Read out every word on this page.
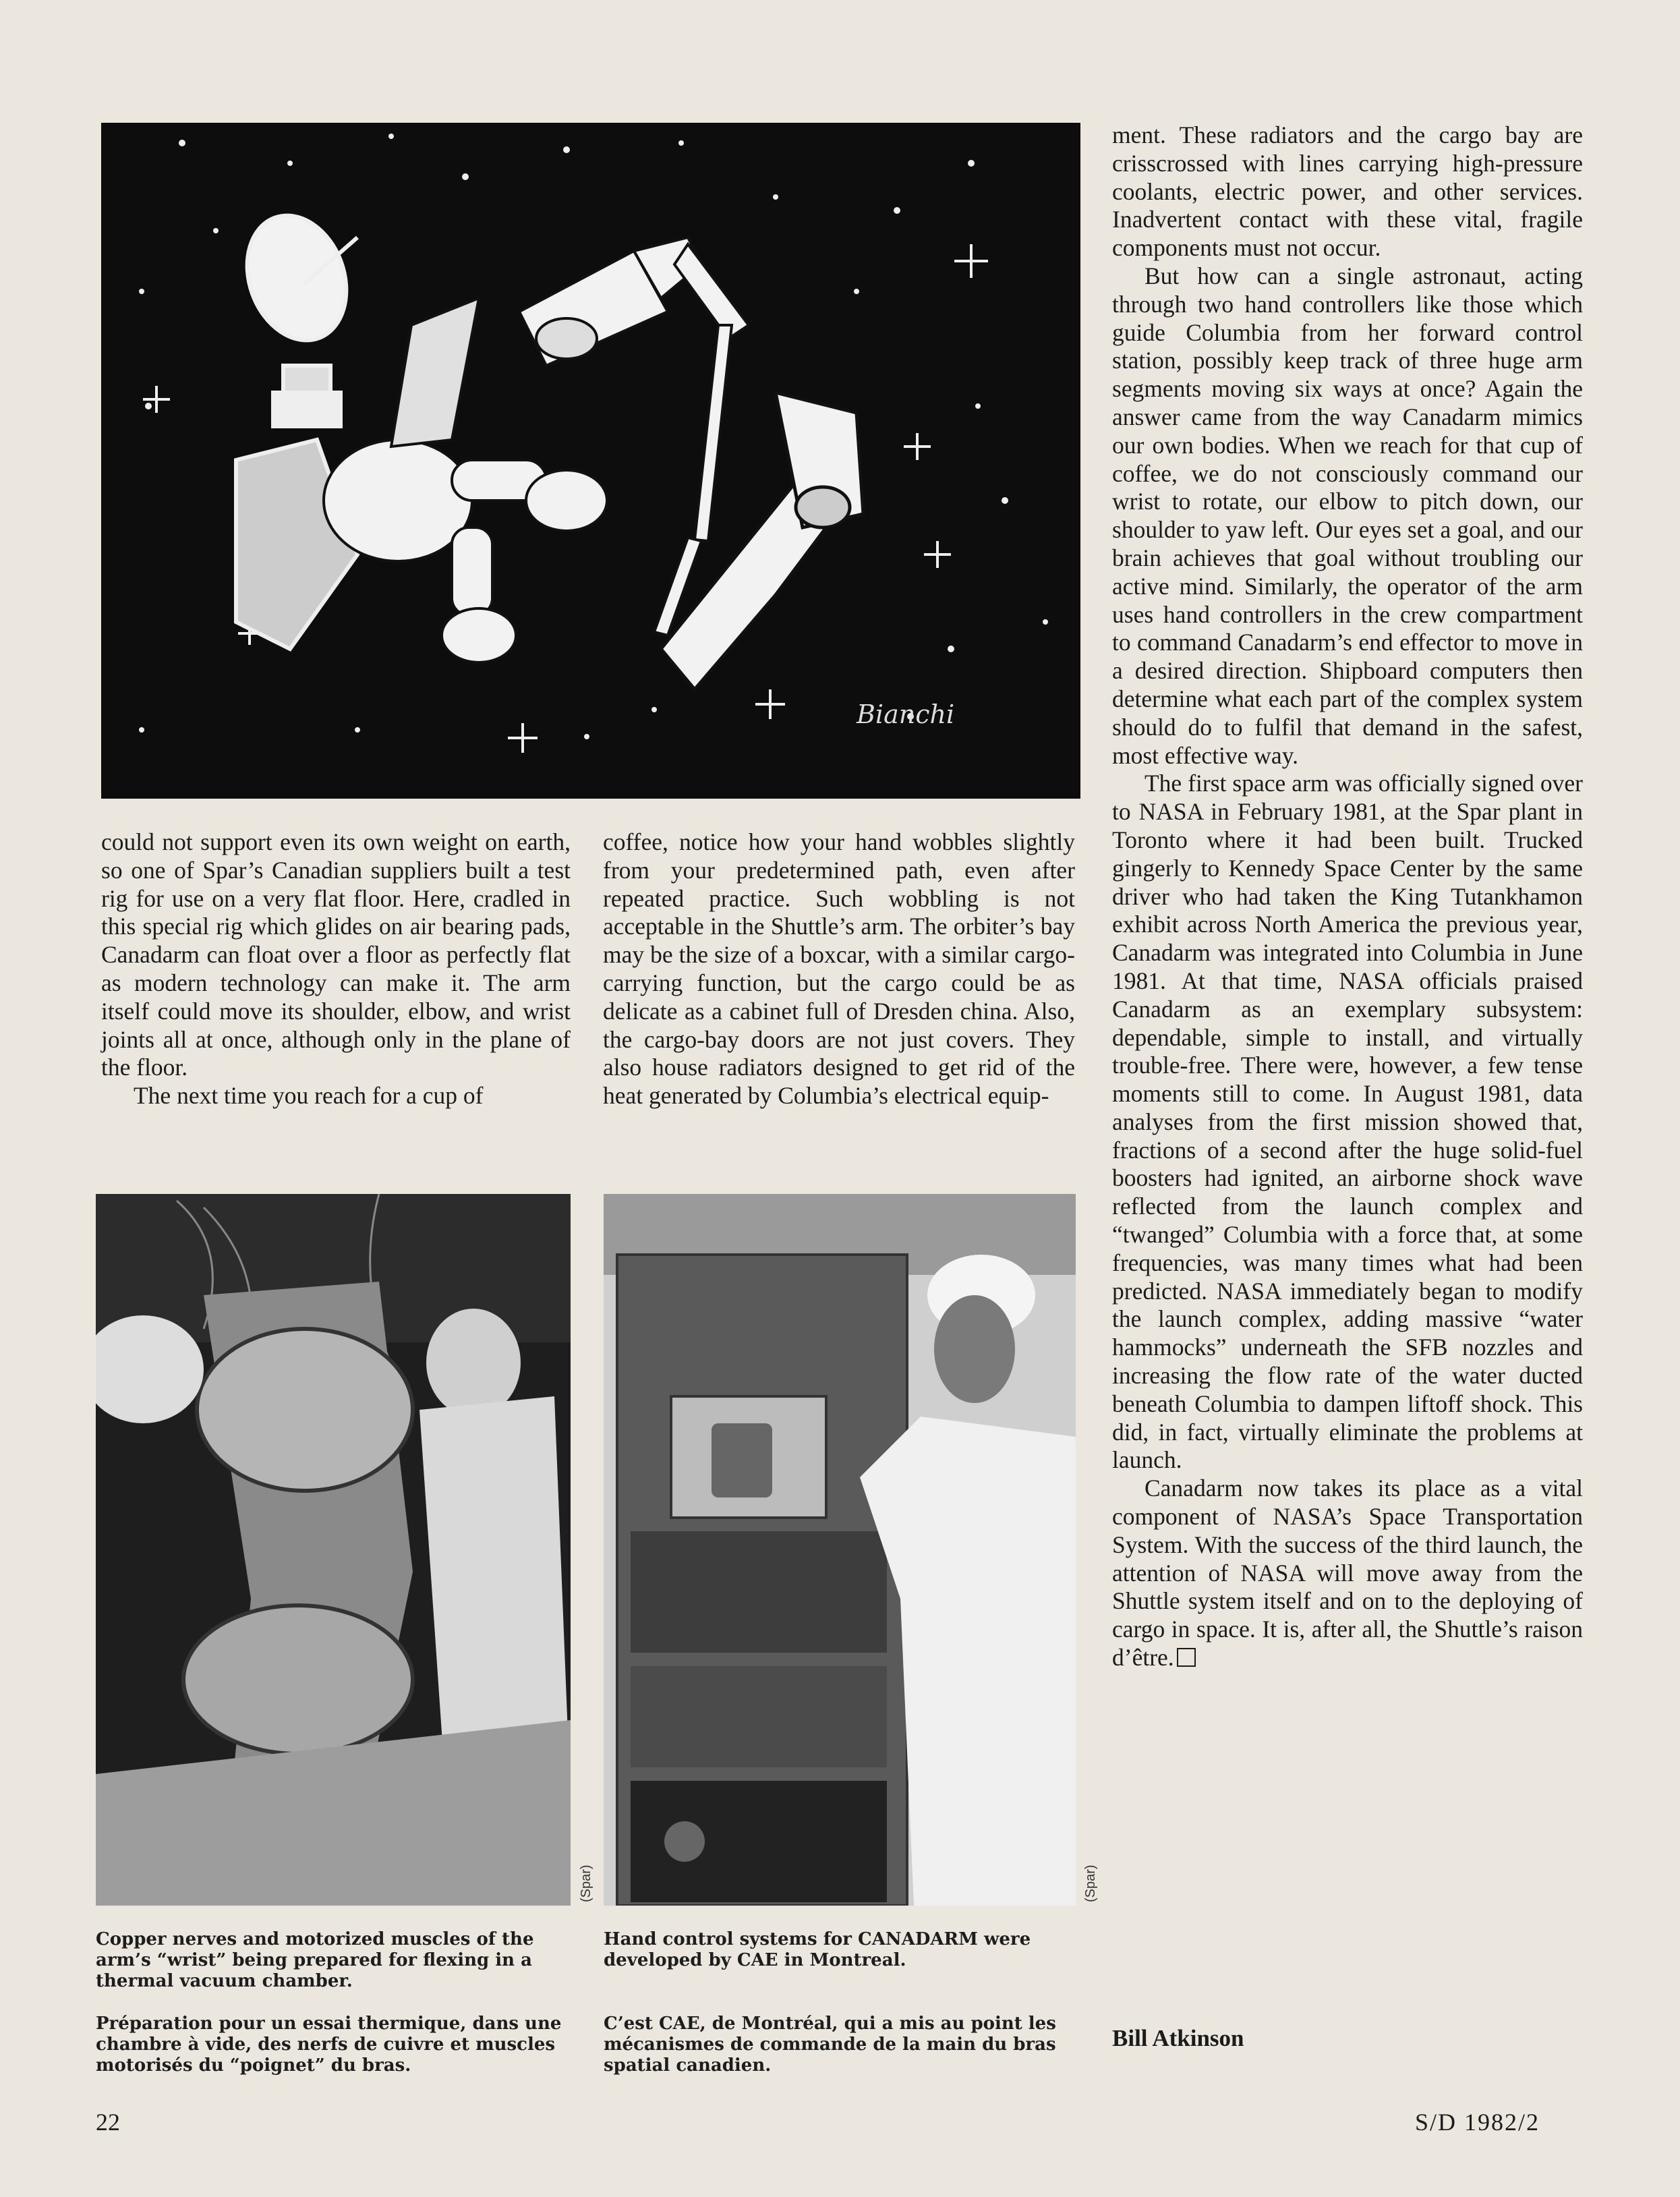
Bianchi

could not support even its own weight on earth, so one of Spar’s Canadian suppliers built a test rig for use on a very flat floor. Here, cradled in this special rig which glides on air bearing pads, Canadarm can float over a floor as perfectly flat as modern technology can make it. The arm itself could move its shoulder, elbow, and wrist joints all at once, although only in the plane of the floor.

The next time you reach for a cup of

coffee, notice how your hand wobbles slightly from your predetermined path, even after repeated practice. Such wobbling is not acceptable in the Shuttle’s arm. The orbiter’s bay may be the size of a boxcar, with a similar cargo-carrying function, but the cargo could be as delicate as a cabinet full of Dresden china. Also, the cargo-bay doors are not just covers. They also house radiators designed to get rid of the heat generated by Columbia’s electrical equip-

ment. These radiators and the cargo bay are crisscrossed with lines carrying high-pressure coolants, electric power, and other services. Inadvertent contact with these vital, fragile components must not occur.

But how can a single astronaut, acting through two hand controllers like those which guide Columbia from her forward control station, possibly keep track of three huge arm segments moving six ways at once? Again the answer came from the way Canadarm mimics our own bodies. When we reach for that cup of coffee, we do not consciously command our wrist to rotate, our elbow to pitch down, our shoulder to yaw left. Our eyes set a goal, and our brain achieves that goal without troubling our active mind. Similarly, the operator of the arm uses hand controllers in the crew compartment to command Canadarm’s end effector to move in a desired direction. Shipboard computers then determine what each part of the complex system should do to fulfil that demand in the safest, most effective way.

The first space arm was officially signed over to NASA in February 1981, at the Spar plant in Toronto where it had been built. Trucked gingerly to Kennedy Space Center by the same driver who had taken the King Tutankhamon exhibit across North America the previous year, Canadarm was integrated into Columbia in June 1981. At that time, NASA officials praised Canadarm as an exemplary subsystem: dependable, simple to install, and virtually trouble-free. There were, however, a few tense moments still to come. In August 1981, data analyses from the first mission showed that, fractions of a second after the huge solid-fuel boosters had ignited, an airborne shock wave reflected from the launch complex and “twanged” Columbia with a force that, at some frequencies, was many times what had been predicted. NASA immediately began to modify the launch complex, adding massive “water hammocks” underneath the SFB nozzles and increasing the flow rate of the water ducted beneath Columbia to dampen liftoff shock. This did, in fact, virtually eliminate the problems at launch.

Canadarm now takes its place as a vital component of NASA’s Space Transportation System. With the success of the third launch, the attention of NASA will move away from the Shuttle system itself and on to the deploying of cargo in space. It is, after all, the Shuttle’s raison d’être.

(Spar)	(Spar)

Copper nerves and motorized muscles of the arm’s “wrist” being prepared for flexing in a thermal vacuum chamber.

Préparation pour un essai thermique, dans une chambre à vide, des nerfs de cuivre et muscles motorisés du “poignet” du bras.

Hand control systems for CANADARM were developed by CAE in Montreal.

C’est CAE, de Montréal, qui a mis au point les mécanismes de commande de la main du bras spatial canadien.

Bill Atkinson
22	S/D 1982/2
